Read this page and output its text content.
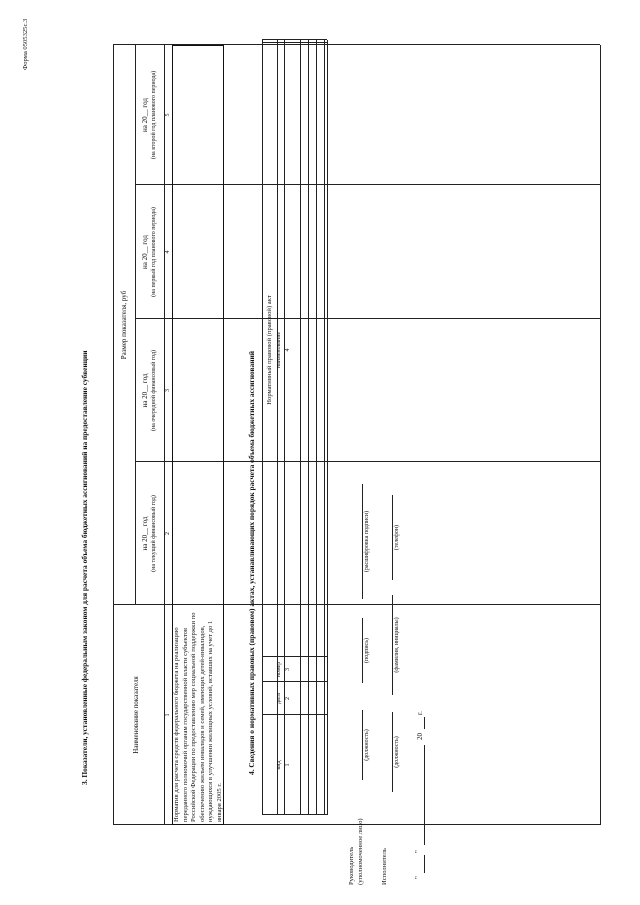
Форма 0505325с.3
3. Показатели, установленные федеральным законом для расчета объема бюджетных ассигнований на предоставление субвенции	Наименование показателя
Размер показателя, руб
на 20__ год (на текущий финансовый год)
на 20__ год (на очередной финансовый год)
на 20__ год (на первый год планового периода)
на 20__ год (на второй год планового периода)
1
2
3
4
5
Норматив для расчета средств федерального бюджета на реализацию переданного полномочий органам государственной власти субъектов Российской Федерации по предоставлению мер социальной поддержки по обеспечению жильем инвалидов и семей, имеющих детей-инвалидов, нуждающихся в улучшении жилищных условий, вставших на учет до 1 января 2005 г.
4. Сведения о нормативных правовых (правовом) актах, устанавливающих порядок расчета объема бюджетных ассигнований
Нормативный правовой (правовой) акт
вид
дата
номер
наименование
1
2
3
4
Руководитель (уполномоченное лицо)
(должность)
(подпись)
(расшифровка подписи)
Исполнитель
(должность)
(фамилия, инициалы)
(телефон)
"
"
20
г.
